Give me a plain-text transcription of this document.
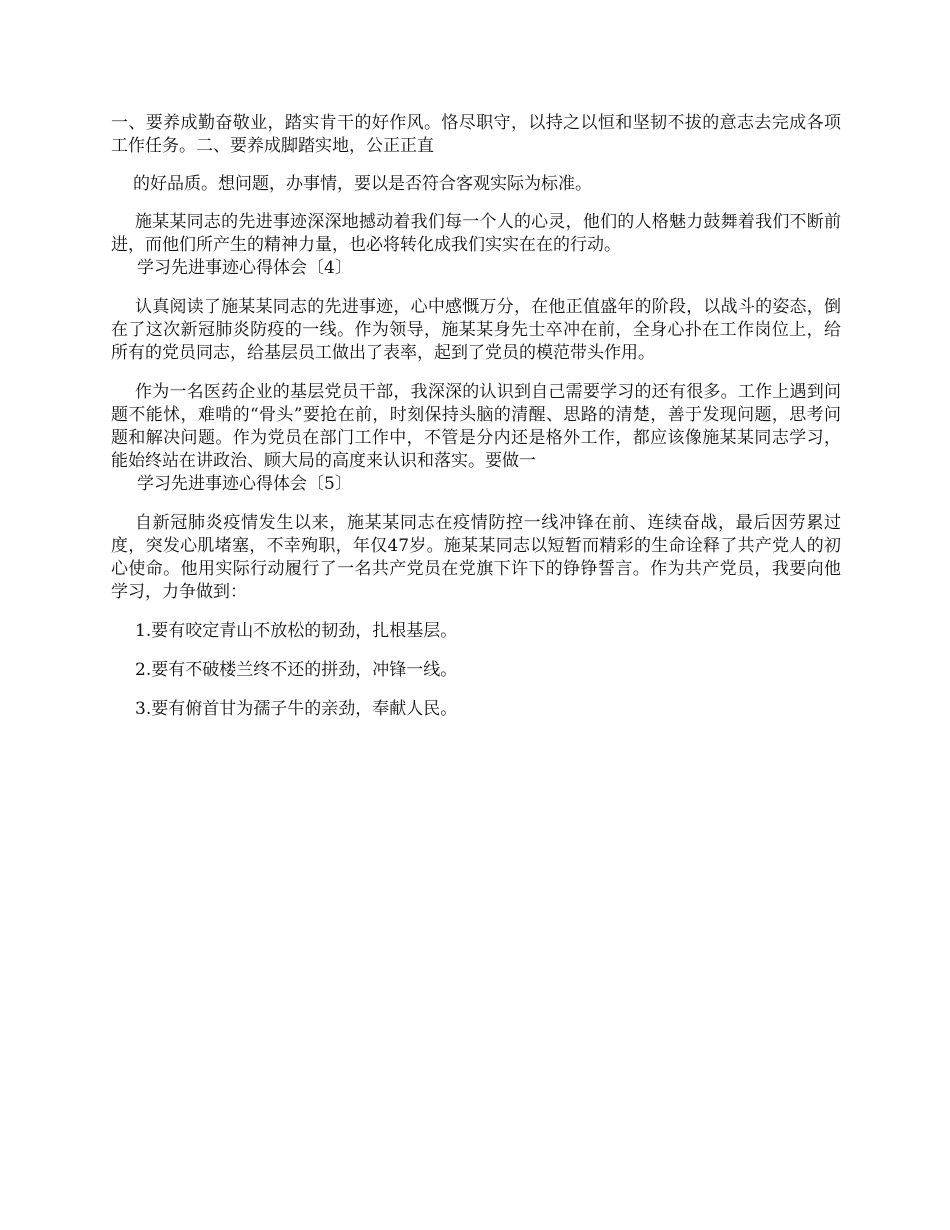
一、要养成勤奋敬业，踏实肯干的好作风。恪尽职守，以持之以恒和坚韧不拔的意志去完成各项工作任务。二、要养成脚踏实地，公正正直

的好品质。想问题，办事情，要以是否符合客观实际为标准。

施某某同志的先进事迹深深地撼动着我们每一个人的心灵，他们的人格魅力鼓舞着我们不断前进，而他们所产生的精神力量，也必将转化成我们实实在在的行动。

学习先进事迹心得体会〔4〕

认真阅读了施某某同志的先进事迹，心中感慨万分，在他正值盛年的阶段，以战斗的姿态，倒在了这次新冠肺炎防疫的一线。作为领导，施某某身先士卒冲在前，全身心扑在工作岗位上，给所有的党员同志，给基层员工做出了表率，起到了党员的模范带头作用。

作为一名医药企业的基层党员干部，我深深的认识到自己需要学习的还有很多。工作上遇到问题不能怵，难啃的“骨头”要抢在前，时刻保持头脑的清醒、思路的清楚，善于发现问题，思考问题和解决问题。作为党员在部门工作中，不管是分内还是格外工作，都应该像施某某同志学习，能始终站在讲政治、顾大局的高度来认识和落实。要做一

学习先进事迹心得体会〔5〕

自新冠肺炎疫情发生以来，施某某同志在疫情防控一线冲锋在前、连续奋战，最后因劳累过度，突发心肌堵塞，不幸殉职，年仅47岁。施某某同志以短暂而精彩的生命诠释了共产党人的初心使命。他用实际行动履行了一名共产党员在党旗下许下的铮铮誓言。作为共产党员，我要向他学习，力争做到：

1.要有咬定青山不放松的韧劲，扎根基层。

2.要有不破楼兰终不还的拼劲，冲锋一线。

3.要有俯首甘为孺子牛的亲劲，奉献人民。
